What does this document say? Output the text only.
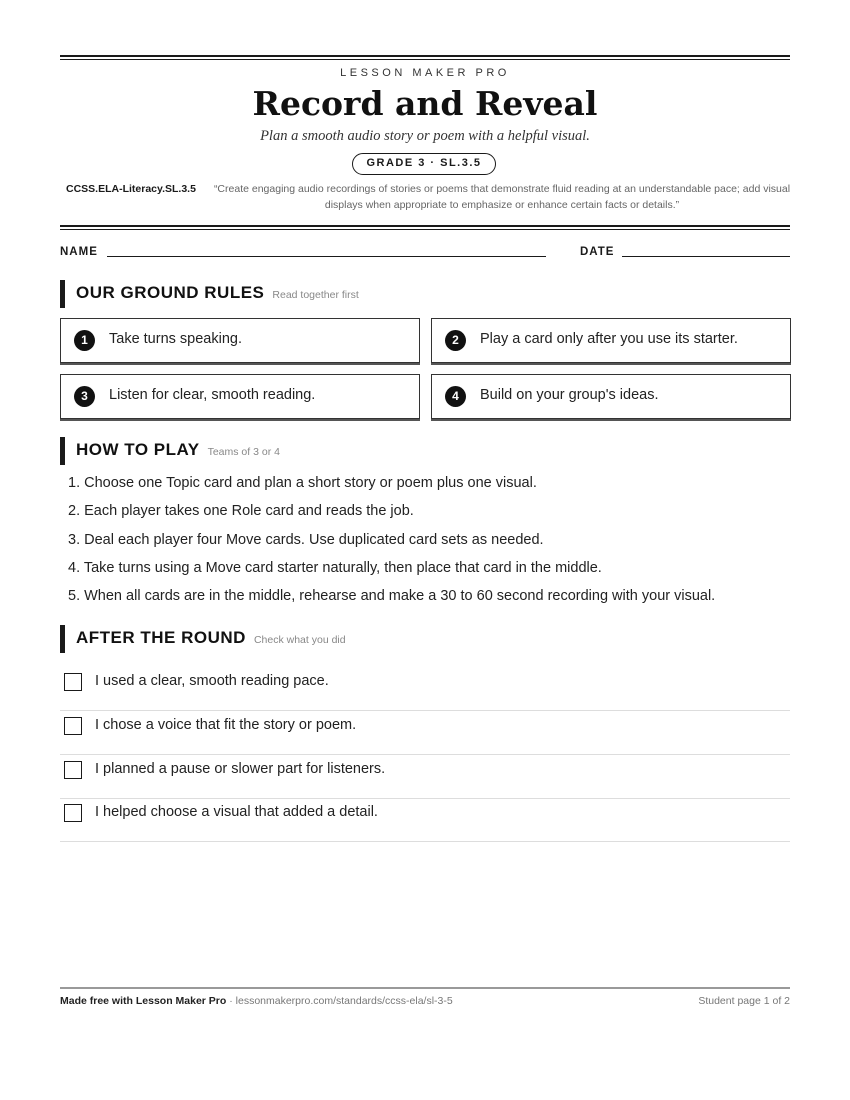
LESSON MAKER PRO
Record and Reveal
Plan a smooth audio story or poem with a helpful visual.
GRADE 3 · SL.3.5
CCSS.ELA-Literacy.SL.3.5 “Create engaging audio recordings of stories or poems that demonstrate fluid reading at an understandable pace; add visual displays when appropriate to emphasize or enhance certain facts or details.”
NAME	DATE
OUR GROUND RULES Read together first
1	Take turns speaking.	2	Play a card only after you use its starter.
3	Listen for clear, smooth reading.	4	Build on your group's ideas.
HOW TO PLAY Teams of 3 or 4
1. Choose one Topic card and plan a short story or poem plus one visual.
2. Each player takes one Role card and reads the job.
3. Deal each player four Move cards. Use duplicated card sets as needed.
4. Take turns using a Move card starter naturally, then place that card in the middle.
5. When all cards are in the middle, rehearse and make a 30 to 60 second recording with your visual.
AFTER THE ROUND Check what you did
I used a clear, smooth reading pace.
I chose a voice that fit the story or poem.
I planned a pause or slower part for listeners.
I helped choose a visual that added a detail.
Made free with Lesson Maker Pro · lessonmakerpro.com/standards/ccss-ela/sl-3-5	Student page 1 of 2
